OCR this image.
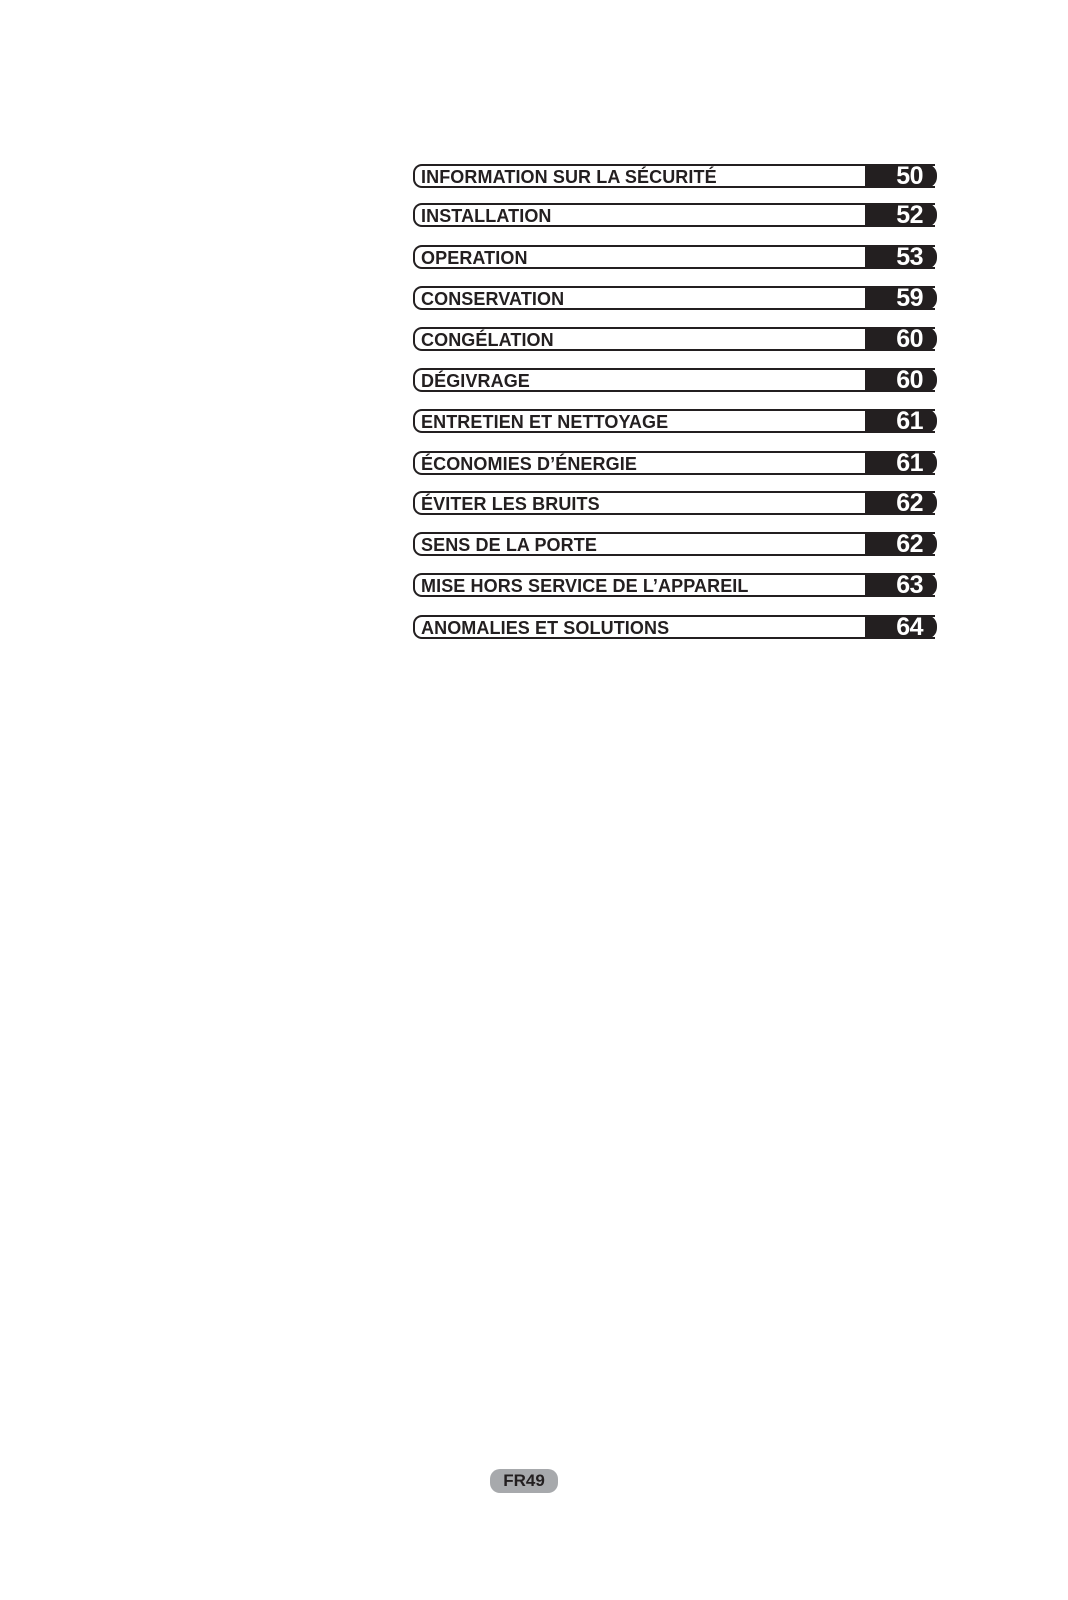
INFORMATION SUR LA SÉCURITÉ	50
INSTALLATION	52
OPERATION	53
CONSERVATION	59
CONGÉLATION	60
DÉGIVRAGE	60
ENTRETIEN ET NETTOYAGE	61
ÉCONOMIES D’ÉNERGIE	61
ÉVITER LES BRUITS	62
SENS DE LA PORTE	62
MISE HORS SERVICE DE L’APPAREIL	63
ANOMALIES ET SOLUTIONS	64
FR49
